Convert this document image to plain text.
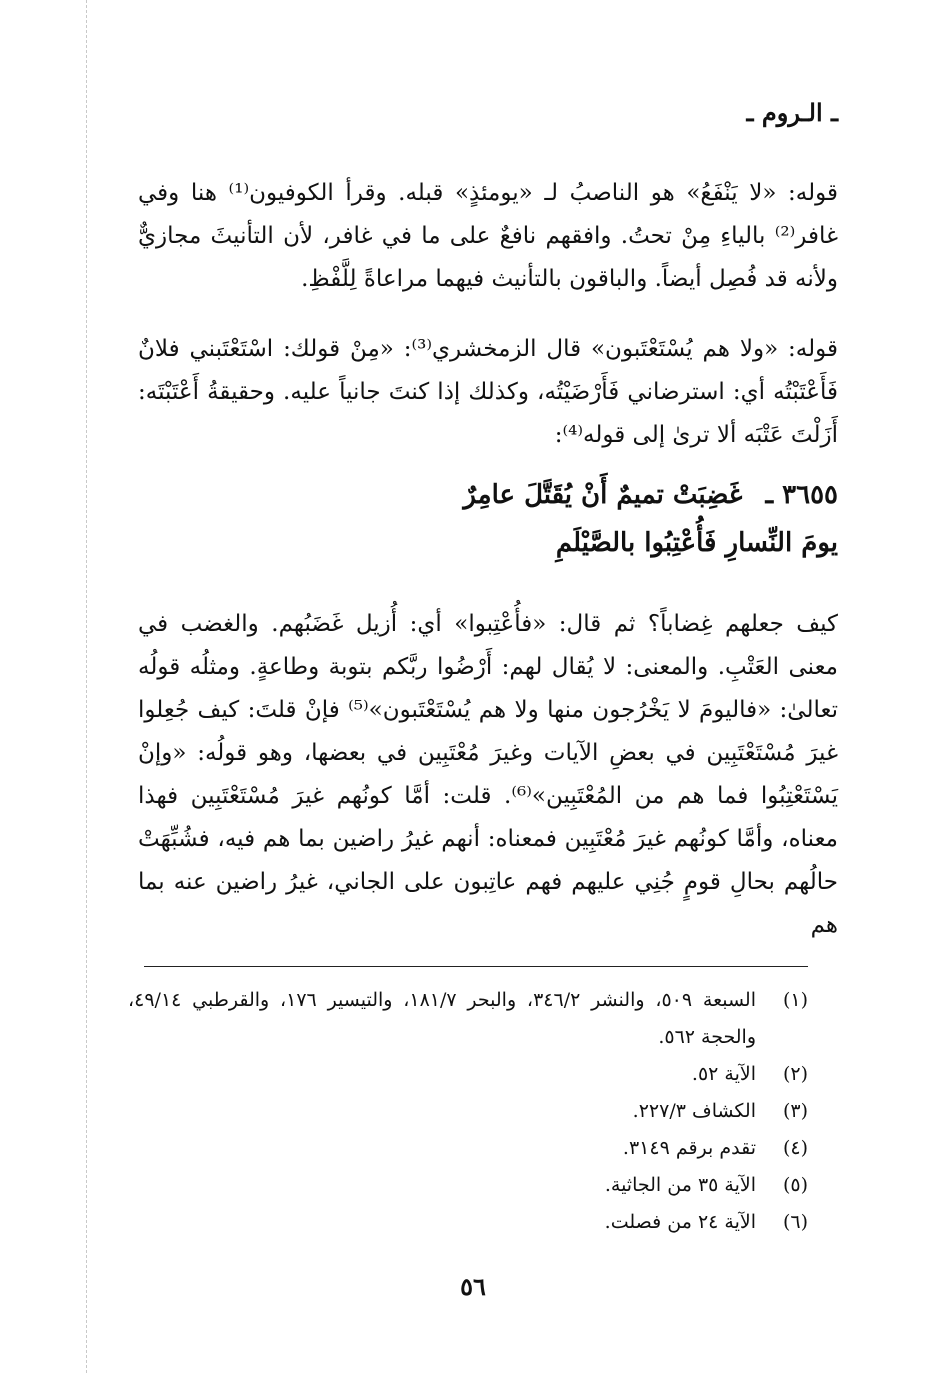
ـ الـروم ـ

قوله: «لا يَنْفَعُ» هو الناصبُ لـ «يومئذٍ» قبله. وقرأ الكوفيون⁽¹⁾ هنا وفي غافر⁽²⁾ بالياءِ مِنْ تحتُ. وافقهم نافعٌ على ما في غافر، لأن التأنيثَ مجازيٌّ ولأنه قد فُصِل أيضاً. والباقون بالتأنيث فيهما مراعاةً لِلَّفْظِ.

قوله: «ولا هم يُسْتَعْتَبون» قال الزمخشري⁽³⁾: «مِنْ قولك: اسْتَعْتَبني فلانٌ فَأَعْتَبْتُه أي: استرضاني فَأَرْضَيْتُه، وكذلك إذا كنتَ جانياً عليه. وحقيقةُ أَعْتَبْتَه: أَزَلْتَ عَتْبَه ألا ترىٰ إلى قوله⁽⁴⁾:

٣٦٥٥ ـ غَضِبَتْ تميمٌ أَنْ يُقَتَّلَ عامِرٌ
يومَ النِّسارِ فَأُعْتِبُوا بالصَّيْلَمِ

كيف جعلهم غِضاباً؟ ثم قال: «فأُعْتِبوا» أي: أُزيل غَضَبُهم. والغضب في معنى العَتْبِ. والمعنى: لا يُقال لهم: أَرْضُوا ربَّكم بتوبة وطاعةٍ. ومثلُه قولُه تعالىٰ: «فاليومَ لا يَخْرُجون منها ولا هم يُسْتَعْتَبون»⁽⁵⁾ فإنْ قلتَ: كيف جُعِلوا غيرَ مُسْتَعْتَبِين في بعضِ الآيات وغيرَ مُعْتَبِين في بعضها، وهو قولُه: «وإنْ يَسْتَعْتِبُوا فما هم من المُعْتَبِين»⁽⁶⁾. قلت: أمَّا كونُهم غيرَ مُسْتَعْتَبِين فهذا معناه، وأمَّا كونُهم غيرَ مُعْتَبِين فمعناه: أنهم غيرُ راضين بما هم فيه، فشُبِّهَتْ حالُهم بحالِ قومٍ جُنِي عليهم فهم عاتِبون على الجاني، غيرُ راضين عنه بما هم

(١)
السبعة ٥٠٩، والنشر ٣٤٦/٢، والبحر ١٨١/٧، والتيسير ١٧٦، والقرطبي ٤٩/١٤، والحجة ٥٦٢.
(٢)
الآية ٥٢.
(٣)
الكشاف ٢٢٧/٣.
(٤)
تقدم برقم ٣١٤٩.
(٥)
الآية ٣٥ من الجاثية.
(٦)
الآية ٢٤ من فصلت.
٥٦
